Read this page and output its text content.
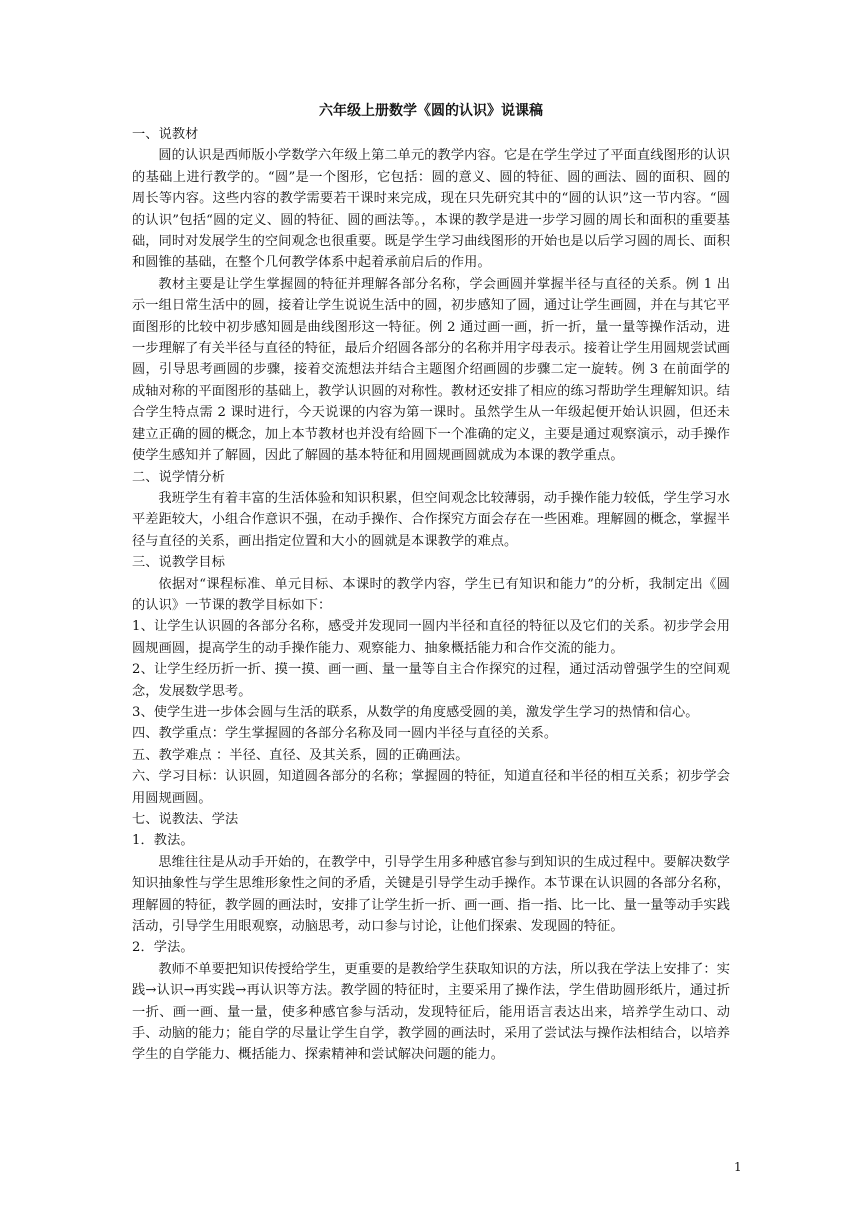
六年级上册数学《圆的认识》说课稿

一、说教材

圆的认识是西师版小学数学六年级上第二单元的教学内容。它是在学生学过了平面直线图形的认识的基础上进行教学的。“圆”是一个图形，它包括：圆的意义、圆的特征、圆的画法、圆的面积、圆的周长等内容。这些内容的教学需要若干课时来完成，现在只先研究其中的“圆的认识”这一节内容。“圆的认识”包括“圆的定义、圆的特征、圆的画法等。，本课的教学是进一步学习圆的周长和面积的重要基础，同时对发展学生的空间观念也很重要。既是学生学习曲线图形的开始也是以后学习圆的周长、面积和圆锥的基础，在整个几何教学体系中起着承前启后的作用。

教材主要是让学生掌握圆的特征并理解各部分名称，学会画圆并掌握半径与直径的关系。例 1 出示一组日常生活中的圆，接着让学生说说生活中的圆，初步感知了圆，通过让学生画圆，并在与其它平面图形的比较中初步感知圆是曲线图形这一特征。例 2 通过画一画，折一折，量一量等操作活动，进一步理解了有关半径与直径的特征，最后介绍圆各部分的名称并用字母表示。接着让学生用圆规尝试画圆，引导思考画圆的步骤，接着交流想法并结合主题图介绍画圆的步骤二定一旋转。例 3 在前面学的成轴对称的平面图形的基础上，教学认识圆的对称性。教材还安排了相应的练习帮助学生理解知识。结合学生特点需 2 课时进行，今天说课的内容为第一课时。虽然学生从一年级起便开始认识圆，但还未建立正确的圆的概念，加上本节教材也并没有给圆下一个准确的定义，主要是通过观察演示，动手操作使学生感知并了解圆，因此了解圆的基本特征和用圆规画圆就成为本课的教学重点。

二、说学情分析

我班学生有着丰富的生活体验和知识积累，但空间观念比较薄弱，动手操作能力较低，学生学习水平差距较大，小组合作意识不强，在动手操作、合作探究方面会存在一些困难。理解圆的概念，掌握半径与直径的关系，画出指定位置和大小的圆就是本课教学的难点。

三、说教学目标

依据对“课程标准、单元目标、本课时的教学内容，学生已有知识和能力”的分析，我制定出《圆的认识》一节课的教学目标如下：

1、让学生认识圆的各部分名称，感受并发现同一圆内半径和直径的特征以及它们的关系。初步学会用圆规画圆，提高学生的动手操作能力、观察能力、抽象概括能力和合作交流的能力。

2、让学生经历折一折、摸一摸、画一画、量一量等自主合作探究的过程，通过活动曾强学生的空间观念，发展数学思考。

3、使学生进一步体会圆与生活的联系，从数学的角度感受圆的美，激发学生学习的热情和信心。

四、教学重点：学生掌握圆的各部分名称及同一圆内半径与直径的关系。

五、教学难点 ：半径、直径、及其关系，圆的正确画法。

六、学习目标：认识圆，知道圆各部分的名称；掌握圆的特征，知道直径和半径的相互关系；初步学会用圆规画圆。

七、说教法、学法

1．教法。

思维往往是从动手开始的，在教学中，引导学生用多种感官参与到知识的生成过程中。要解决数学知识抽象性与学生思维形象性之间的矛盾，关键是引导学生动手操作。本节课在认识圆的各部分名称，理解圆的特征，教学圆的画法时，安排了让学生折一折、画一画、指一指、比一比、量一量等动手实践活动，引导学生用眼观察，动脑思考，动口参与讨论，让他们探索、发现圆的特征。

2．学法。

教师不单要把知识传授给学生，更重要的是教给学生获取知识的方法，所以我在学法上安排了：实践→认识→再实践→再认识等方法。教学圆的特征时，主要采用了操作法，学生借助圆形纸片，通过折一折、画一画、量一量，使多种感官参与活动，发现特征后，能用语言表达出来，培养学生动口、动手、动脑的能力；能自学的尽量让学生自学，教学圆的画法时，采用了尝试法与操作法相结合，以培养学生的自学能力、概括能力、探索精神和尝试解决问题的能力。

1
